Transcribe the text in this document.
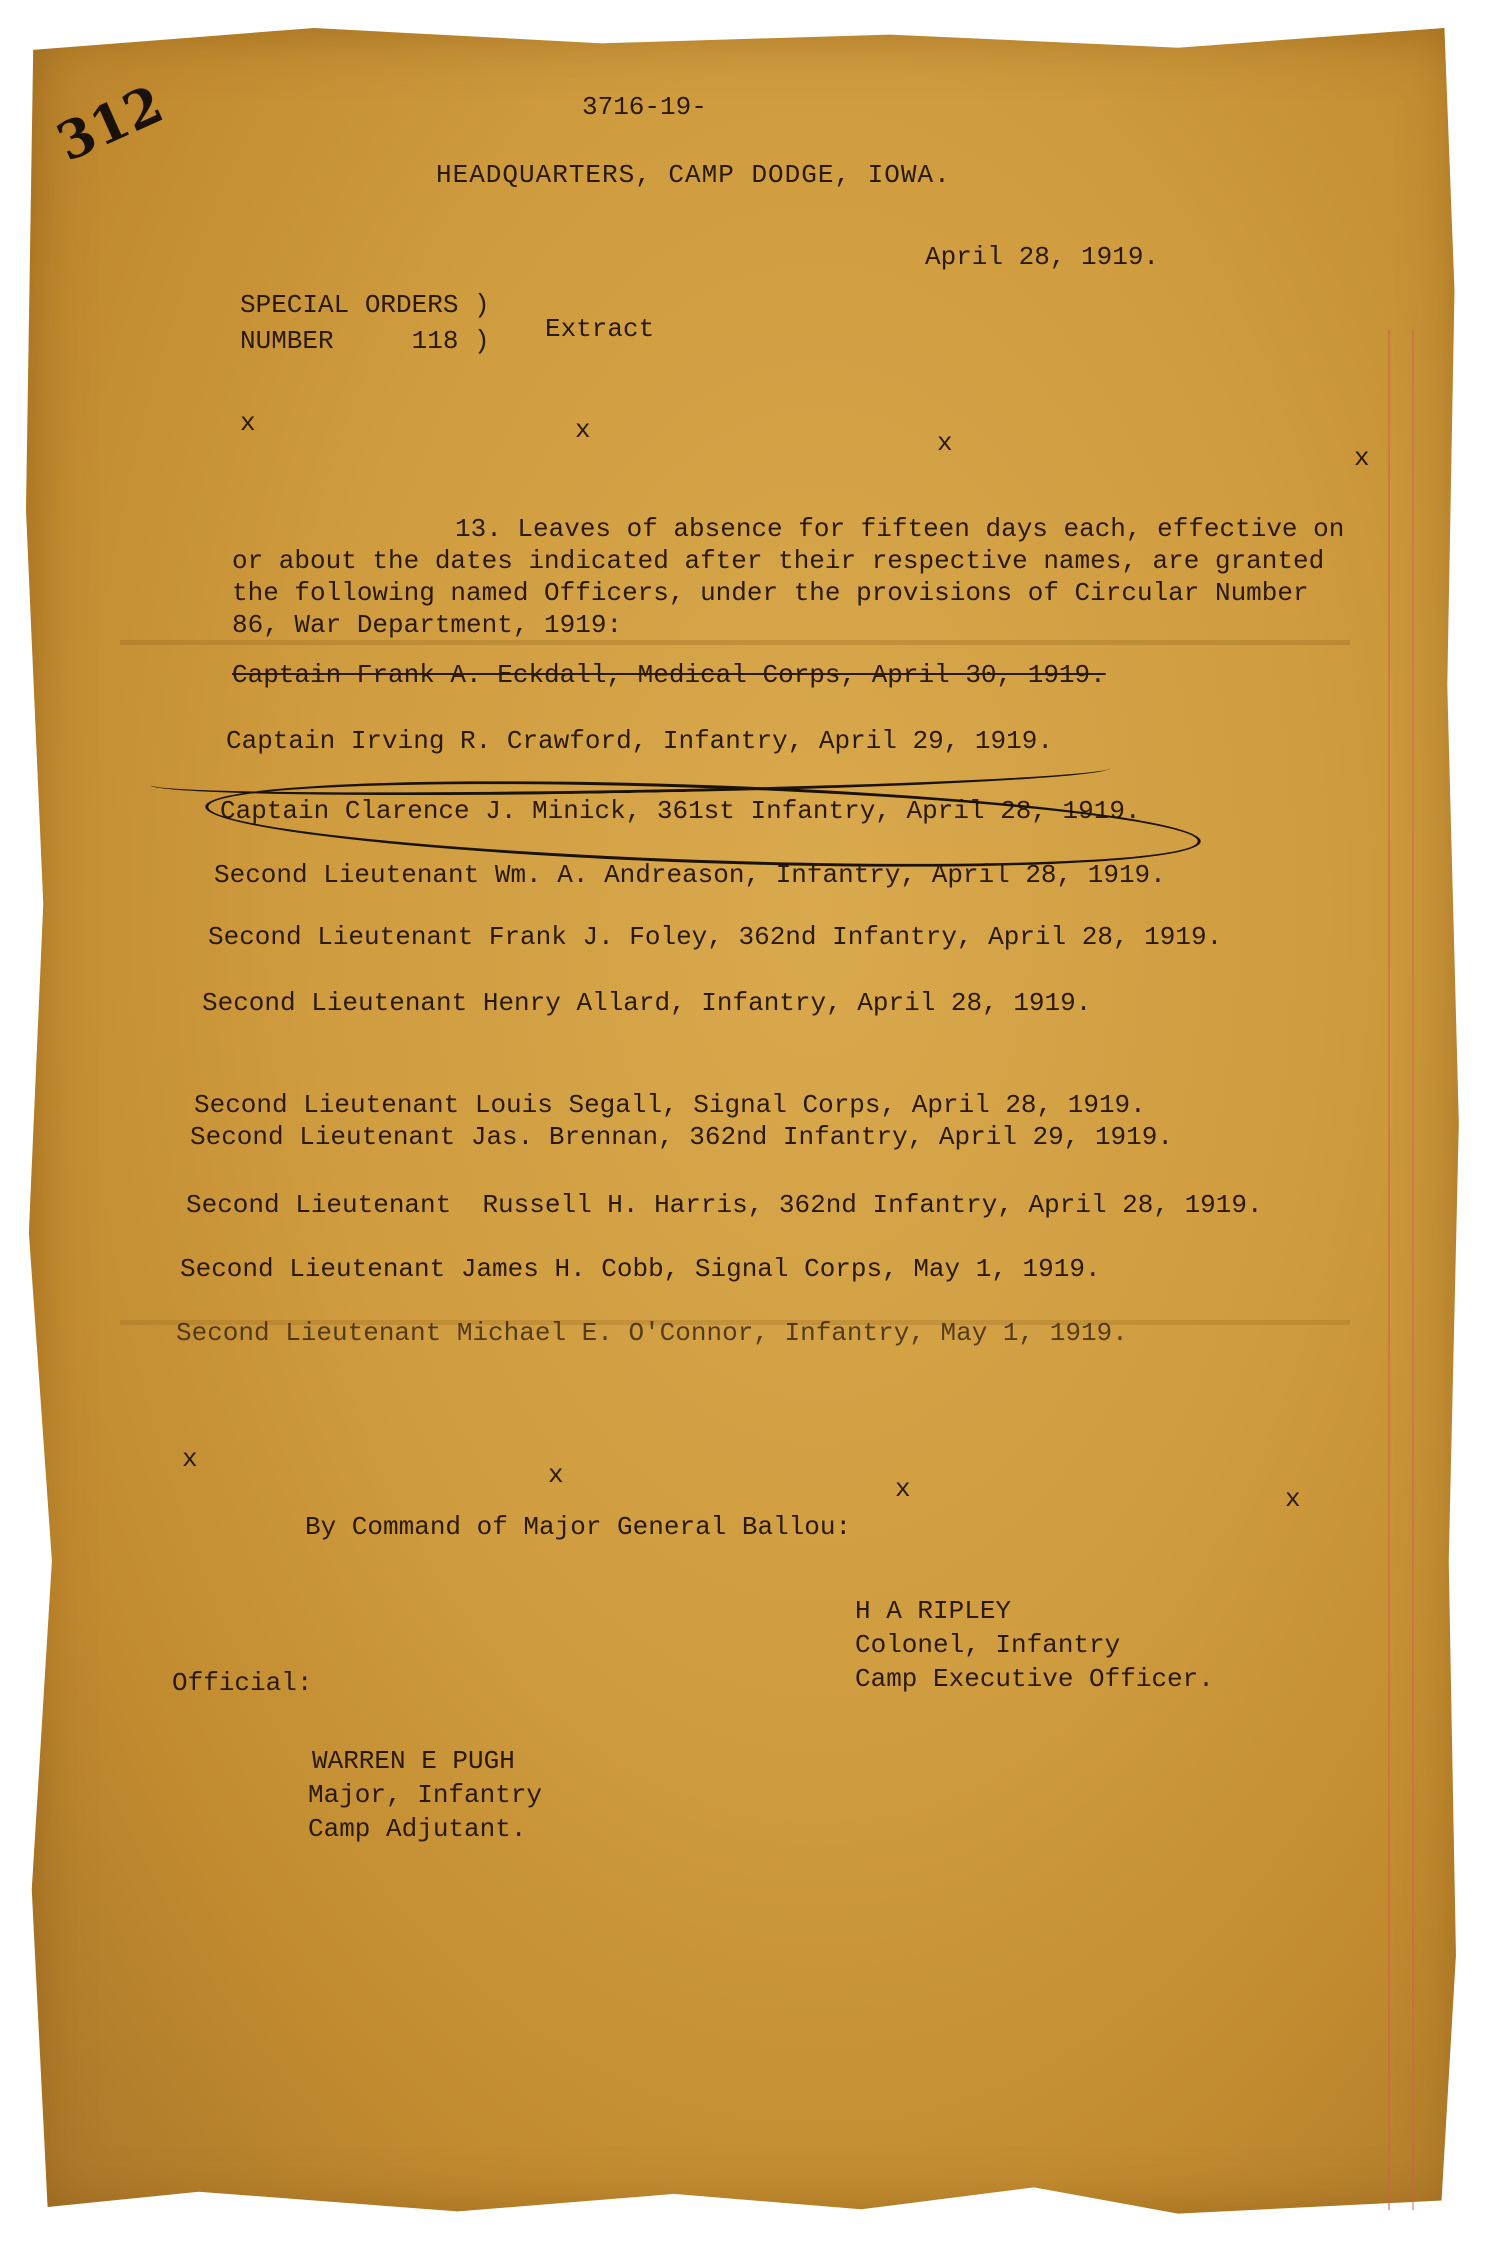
312	3716-19-
HEADQUARTERS, CAMP DODGE, IOWA.
April 28, 1919.
SPECIAL ORDERS )
NUMBER     118 ) Extract
x	x	x	x
13. Leaves of absence for fifteen days each, effective on
or about the dates indicated after their respective names, are granted
the following named Officers, under the provisions of Circular Number
86, War Department, 1919:
Captain Frank A. Eckdall, Medical Corps, April 30, 1919.
Captain Irving R. Crawford, Infantry, April 29, 1919.
Captain Clarence J. Minick, 361st Infantry, April 28, 1919.
Second Lieutenant Wm. A. Andreason, Infantry, April 28, 1919.
Second Lieutenant Frank J. Foley, 362nd Infantry, April 28, 1919.
Second Lieutenant Henry Allard, Infantry, April 28, 1919.
Second Lieutenant Louis Segall, Signal Corps, April 28, 1919.
Second Lieutenant Jas. Brennan, 362nd Infantry, April 29, 1919.
Second Lieutenant  Russell H. Harris, 362nd Infantry, April 28, 1919.
Second Lieutenant James H. Cobb, Signal Corps, May 1, 1919.
Second Lieutenant Michael E. O'Connor, Infantry, May 1, 1919.
x
x	x	x
By Command of Major General Ballou:
H A RIPLEY
Colonel, Infantry
Camp Executive Officer.
Official:
WARREN E PUGH
Major, Infantry
Camp Adjutant.
